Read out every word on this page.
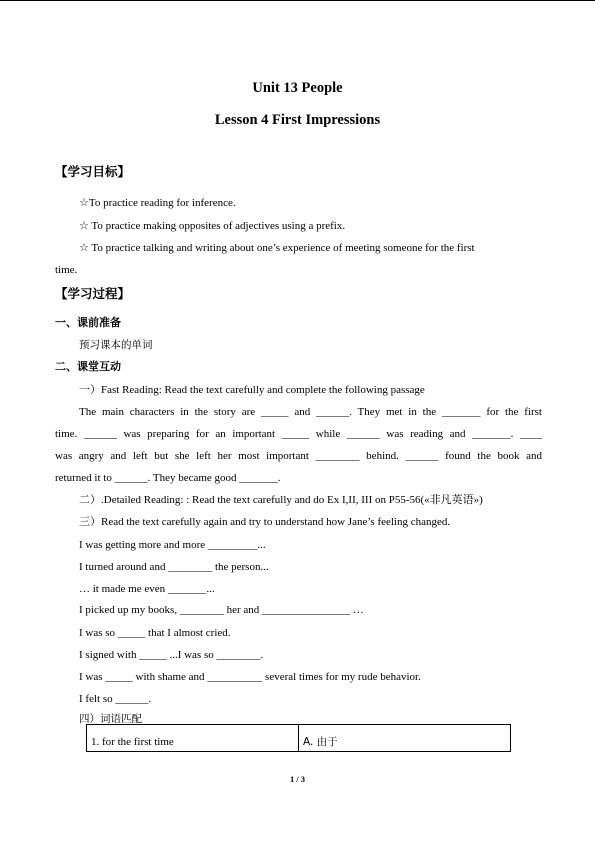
Unit 13 People
Lesson 4 First Impressions
【学习目标】
☆To practice reading for inference.
☆ To practice making opposites of adjectives using a prefix.
☆ To practice talking and writing about one’s experience of meeting someone for the first
time.
【学习过程】
一、课前准备
预习课本的单词
二、课堂互动
一）Fast Reading: Read the text carefully and complete the following passage
The main characters in the story are _____ and ______. They met in the _______ for the first
time. ______ was preparing for an important _____ while ______ was reading and _______. ____
was angry and left but she left her most important ________ behind. ______ found the book and
returned it to ______. They became good _______.
二）.Detailed Reading: : Read the text carefully and do Ex I,II, III on P55-56(«非凡英语»)
三）Read the text carefully again and try to understand how Jane’s feeling changed.
I was getting more and more _________...
I turned around and ________ the person...
… it made me even _______...
I picked up my books, ________ her and ________________ …
I was so _____ that I almost cried.
I signed with _____ ...I was so ________.
I was _____ with shame and __________ several times for my rude behavior.
I felt so ______.
四）词语匹配
1. for the first time	A. 由于
1 / 3
